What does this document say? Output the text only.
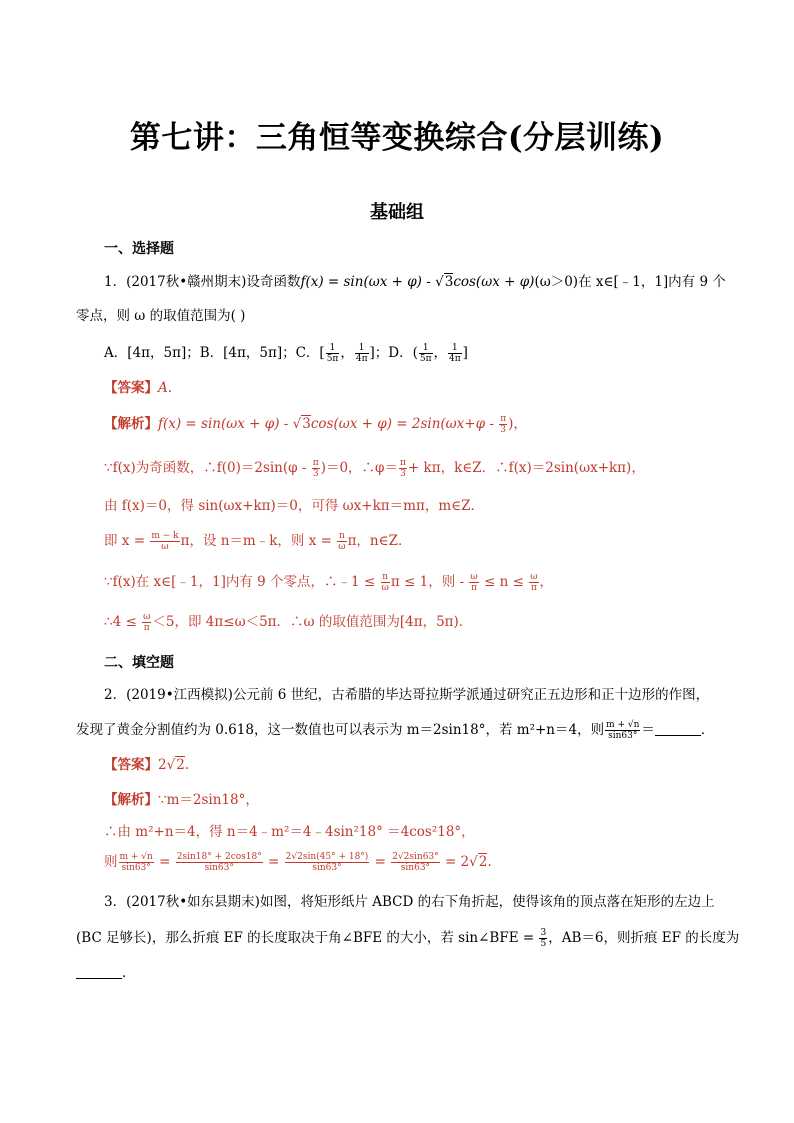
第七讲：三角恒等变换综合(分层训练)
基础组
一、选择题
1．(2017秋•赣州期末)设奇函数f(x) = sin(ωx + φ) - √3cos(ωx + φ)(ω＞0)在 x∈[﹣1，1]内有 9 个
零点，则 ω 的取值范围为( )
A．[4π，5π]；B．[4π，5π]；C．[ $\frac{1}{5\pi}$ ， $\frac{1}{4\pi}$ ]；D．( $\frac{1}{5\pi}$ ， $\frac{1}{4\pi}$ ]
【答案】A.
【解析】$f(x) = \sin(\omega x + \varphi) - √3\cos(\omega x + \varphi) = 2\sin(\omega x+\varphi - \frac{\pi}{3}$ )，
∵f(x)为奇函数，∴f(0)＝2sin(φ - $\frac{\pi}{3} )=0$，∴φ＝ $\frac{\pi}{3} + k\pi$，k∈Z．∴f(x)＝2sin(ωx+kπ)，
由 f(x)＝0，得 sin(ωx+kπ)＝0，可得 ωx+kπ＝mπ，m∈Z．
即 $x = \frac{m - k}{\omega}$ π，设 n＝m﹣k，则 $x = \frac{n}{\omega}$ π，n∈Z．
∵f(x)在 x∈[﹣1，1]内有 9 个零点，∴﹣1 ≤ $\frac{n}{\omega}$ π ≤ 1，则 - $\frac{\omega}{\pi} \le n \le \frac{\omega}{\pi}$ ，
∴4 ≤ $\frac{\omega}{\pi} <5$，即 4π≤ω＜5π．∴ω 的取值范围为[4π，5π)．
二、填空题
2．(2019•江西模拟)公元前 6 世纪，古希腊的毕达哥拉斯学派通过研究正五边形和正十边形的作图，
发现了黄金分割值约为 0.618，这一数值也可以表示为 m＝2sin18°，若 m²+n＝4，则 $\frac{m + √n}{\sin 63^\circ}$ ＝	．
【答案】2√2.
【解析】∵m＝2sin18°，
∴由 m²+n＝4，得 n＝4﹣m²＝4﹣4sin²18° ＝4cos²18°，
则 $\frac{m + √n}{\sin 63^\circ} = \frac{2\sin 18^\circ + 2\cos 18^\circ}{\sin 63^\circ} = \frac{2√2\sin(45^\circ + 18^\circ)}{\sin 63^\circ} = \frac{2√2\sin 63^\circ}{\sin 63^\circ} = 2√2$.
3．(2017秋•如东县期末)如图，将矩形纸片 ABCD 的右下角折起，使得该角的顶点落在矩形的左边上
(BC 足够长)，那么折痕 EF 的长度取决于角∠BFE 的大小，若 sin∠BFE = $\frac{3}{5}$ ，AB＝6，则折痕 EF 的长度为
．
